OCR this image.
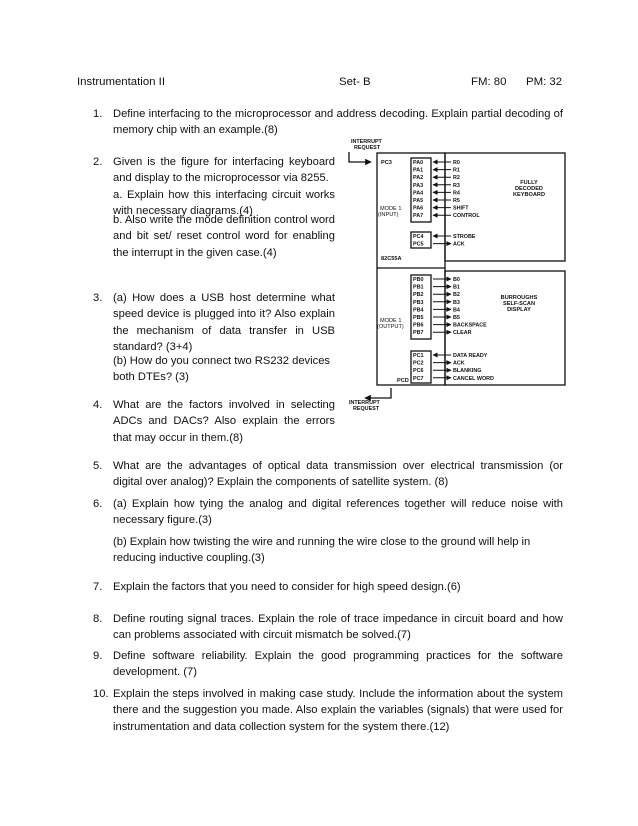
Instrumentation II	Set- B	FM: 80 PM: 32
1. Define interfacing to the microprocessor and address decoding. Explain partial decoding of memory chip with an example.(8)
2. Given is the figure for interfacing keyboard and display to the microprocessor via 8255.
a. Explain how this interfacing circuit works with necessary diagrams.(4)
b. Also write the mode definition control word and bit set/ reset control word for enabling the interrupt in the given case.(4)
3. (a) How does a USB host determine what speed device is plugged into it? Also explain the mechanism of data transfer in USB standard? (3+4)
(b) How do you connect two RS232 devices both DTEs? (3)
4. What are the factors involved in selecting ADCs and DACs? Also explain the errors that may occur in them.(8)
5. What are the advantages of optical data transmission over electrical transmission (or digital over analog)? Explain the components of satellite system. (8)
6. (a) Explain how tying the analog and digital references together will reduce noise with necessary figure.(3)
(b) Explain how twisting the wire and running the wire close to the ground will help in reducing inductive coupling.(3)
7. Explain the factors that you need to consider for high speed design.(6)
8. Define routing signal traces. Explain the role of trace impedance in circuit board and how can problems associated with circuit mismatch be solved.(7)
9. Define software reliability. Explain the good programming practices for the software development. (7)
10. Explain the steps involved in making case study. Include the information about the system there and the suggestion you made. Also explain the variables (signals) that were used for instrumentation and data collection system for the system there.(12)
INTERRUPT
REQUEST
INTERRUPT
REQUEST
PC3
MODE 1
(INPUT)
82C55A
MODE 1
(OUTPUT)
PCD
PA0	R0
PA1	R1
PA2	R2
PA3	R3
PA4	R4
PA5	R5
PA6	SHIFT
PA7	CONTROL
PC4	STROBE
PC5	ACK
PB0	B0
PB1	B1
PB2	B2
PB3	B3
PB4	B4
PB5	B5
PB6	BACKSPACE
PB7	CLEAR
PC1	DATA READY
PC2	ACK
PC6	BLANKING
PC7	CANCEL WORD
FULLY
DECODED
KEYBOARD
BURROUGHS
SELF-SCAN
DISPLAY
